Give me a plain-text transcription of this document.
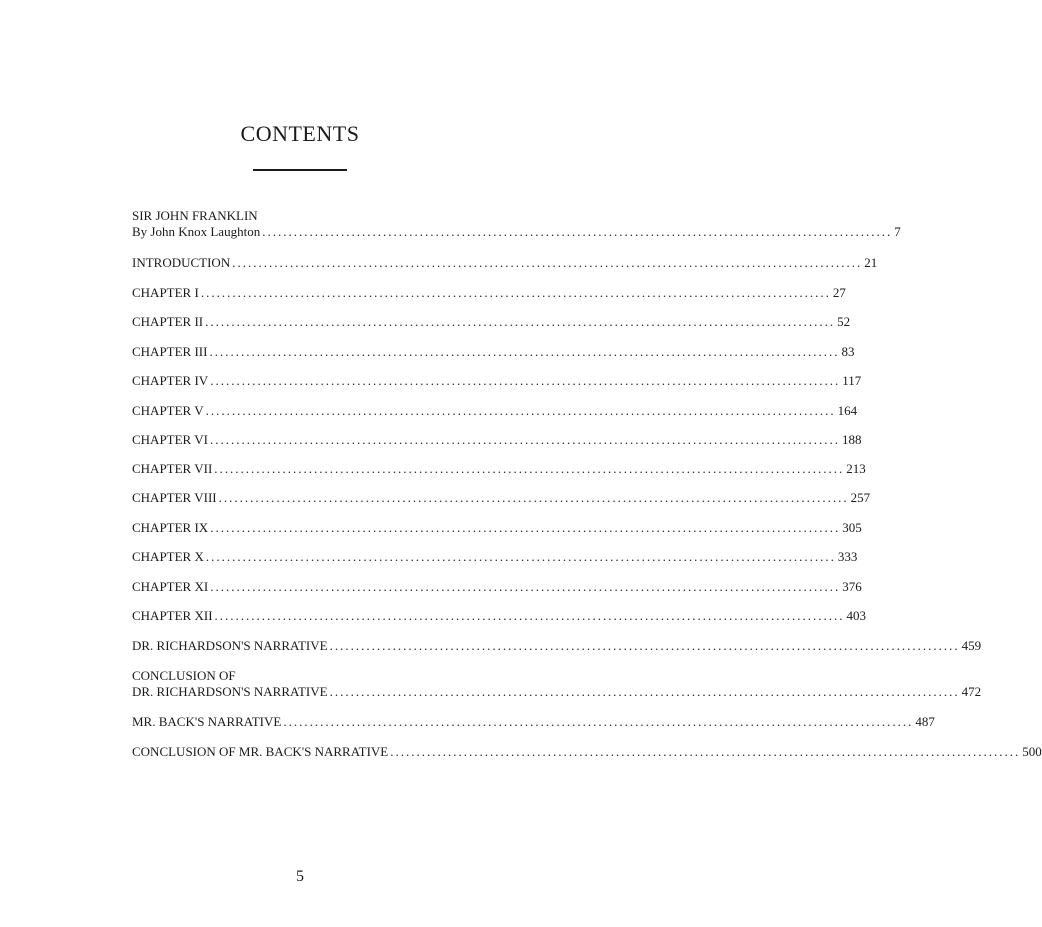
CONTENTS
SIR JOHN FRANKLIN
By John Knox Laughton ........................................................................................................................ 7
INTRODUCTION ........................................................................................................................ 21
CHAPTER I ........................................................................................................................ 27
CHAPTER II ........................................................................................................................ 52
CHAPTER III ........................................................................................................................ 83
CHAPTER IV ........................................................................................................................ 117
CHAPTER V ........................................................................................................................ 164
CHAPTER VI ........................................................................................................................ 188
CHAPTER VII ........................................................................................................................ 213
CHAPTER VIII ........................................................................................................................ 257
CHAPTER IX ........................................................................................................................ 305
CHAPTER X ........................................................................................................................ 333
CHAPTER XI ........................................................................................................................ 376
CHAPTER XII ........................................................................................................................ 403
DR. RICHARDSON'S NARRATIVE ........................................................................................................................ 459
CONCLUSION OF
DR. RICHARDSON'S NARRATIVE ........................................................................................................................ 472
MR. BACK'S NARRATIVE ........................................................................................................................ 487
CONCLUSION OF MR. BACK'S NARRATIVE ........................................................................................................................ 500
5
